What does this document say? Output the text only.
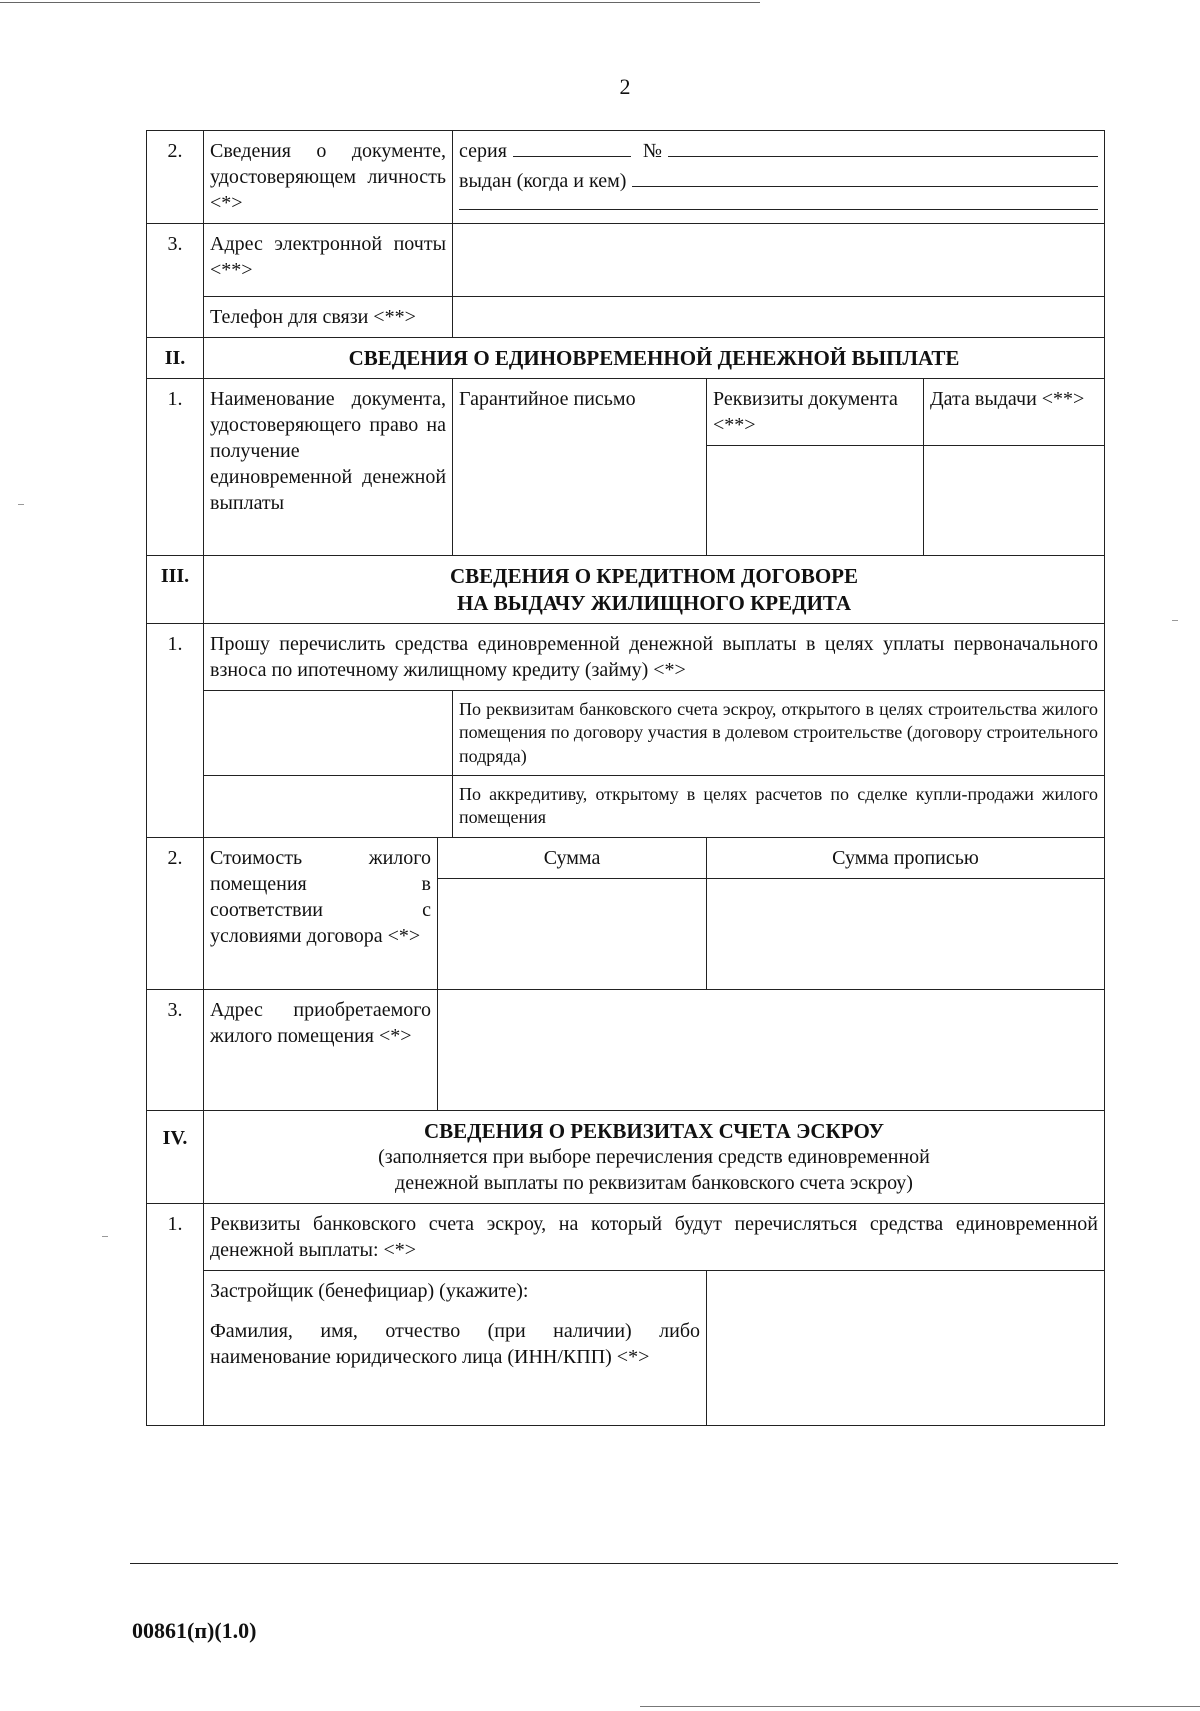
2
2.	Сведения о документе, удостоверяющем личность <*>		серия №
выдан (когда и кем)		

3.	Адрес электронной почты <**>				
	Телефон для связи <**>				
II.	СВЕДЕНИЯ О ЕДИНОВРЕМЕННОЙ ДЕНЕЖНОЙ ВЫПЛАТЕ				
1.	Наименование документа, удостоверяющего право на получение единовременной денежной выплаты		Гарантийное письмо	Реквизиты документа <**>	Дата выдачи <**>

III.	СВЕДЕНИЯ О КРЕДИТНОМ ДОГОВОРЕ
НА ВЫДАЧУ ЖИЛИЩНОГО КРЕДИТА				

1.	Прошу перечислить средства единовременной денежной выплаты в целях уплаты первоначального взноса по ипотечному жилищному кредиту (займу) <*>				
			По реквизитам банковского счета эскроу, открытого в целях строительства жилого помещения по договору участия в долевом строительстве (договору строительного подряда)		
			По аккредитиву, открытому в целях расчетов по сделке купли-продажи жилого помещения		
2.	Стоимость жилого помещения в соответствии с условиями договора <*>	Сумма		Сумма прописью	

3.	Адрес приобретаемого жилого помещения <*>				
IV.	СВЕДЕНИЯ О РЕКВИЗИТАХ СЧЕТА ЭСКРОУ
(заполняется при выборе перечисления средств единовременной
денежной выплаты по реквизитам банковского счета эскроу)				

1.	Реквизиты банковского счета эскроу, на который будут перечисляться средства единовременной денежной выплаты: <*>				

	Застройщик (бенефициар) (укажите):
Фамилия, имя, отчество (при наличии) либо наименование юридического лица (ИНН/КПП) <*>				

00861(п)(1.0)
